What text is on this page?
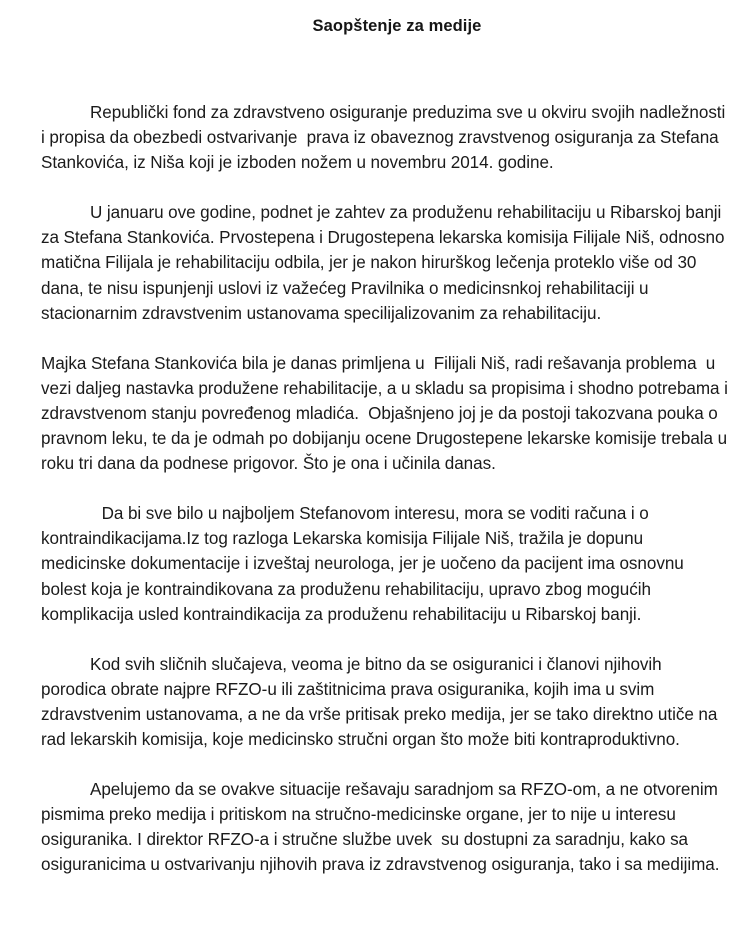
Saopštenje za medije

Republički fond za zdravstveno osiguranje preduzima sve u okviru svojih nadležnosti i propisa da obezbedi ostvarivanje  prava iz obaveznog zravstvenog osiguranja za Stefana Stankovića, iz Niša koji je izboden nožem u novembru 2014. godine.

U januaru ove godine, podnet je zahtev za produženu rehabilitaciju u Ribarskoj banji za Stefana Stankovića. Prvostepena i Drugostepena lekarska komisija Filijale Niš, odnosno matična Filijala je rehabilitaciju odbila, jer je nakon hirurškog lečenja proteklo više od 30 dana, te nisu ispunjenji uslovi iz važećeg Pravilnika o medicinsnkoj rehabilitaciji u stacionarnim zdravstvenim ustanovama specilijalizovanim za rehabilitaciju.

Majka Stefana Stankovića bila je danas primljena u  Filijali Niš, radi rešavanja problema  u vezi daljeg nastavka produžene rehabilitacije, a u skladu sa propisima i shodno potrebama i zdravstvenom stanju povređenog mladića.  Objašnjeno joj je da postoji takozvana pouka o pravnom leku, te da je odmah po dobijanju ocene Drugostepene lekarske komisije trebala u roku tri dana da podnese prigovor. Što je ona i učinila danas.

Da bi sve bilo u najboljem Stefanovom interesu, mora se voditi računa i o kontraindikacijama.Iz tog razloga Lekarska komisija Filijale Niš, tražila je dopunu medicinske dokumentacije i izveštaj neurologa, jer je uočeno da pacijent ima osnovnu bolest koja je kontraindikovana za produženu rehabilitaciju, upravo zbog mogućih komplikacija usled kontraindikacija za produženu rehabilitaciju u Ribarskoj banji.

Kod svih sličnih slučajeva, veoma je bitno da se osiguranici i članovi njihovih porodica obrate najpre RFZO-u ili zaštitnicima prava osiguranika, kojih ima u svim zdravstvenim ustanovama, a ne da vrše pritisak preko medija, jer se tako direktno utiče na rad lekarskih komisija, koje medicinsko stručni organ što može biti kontraproduktivno.

Apelujemo da se ovakve situacije rešavaju saradnjom sa RFZO-om, a ne otvorenim pismima preko medija i pritiskom na stručno-medicinske organe, jer to nije u interesu osiguranika. I direktor RFZO-a i stručne službe uvek  su dostupni za saradnju, kako sa osiguranicima u ostvarivanju njihovih prava iz zdravstvenog osiguranja, tako i sa medijima.
